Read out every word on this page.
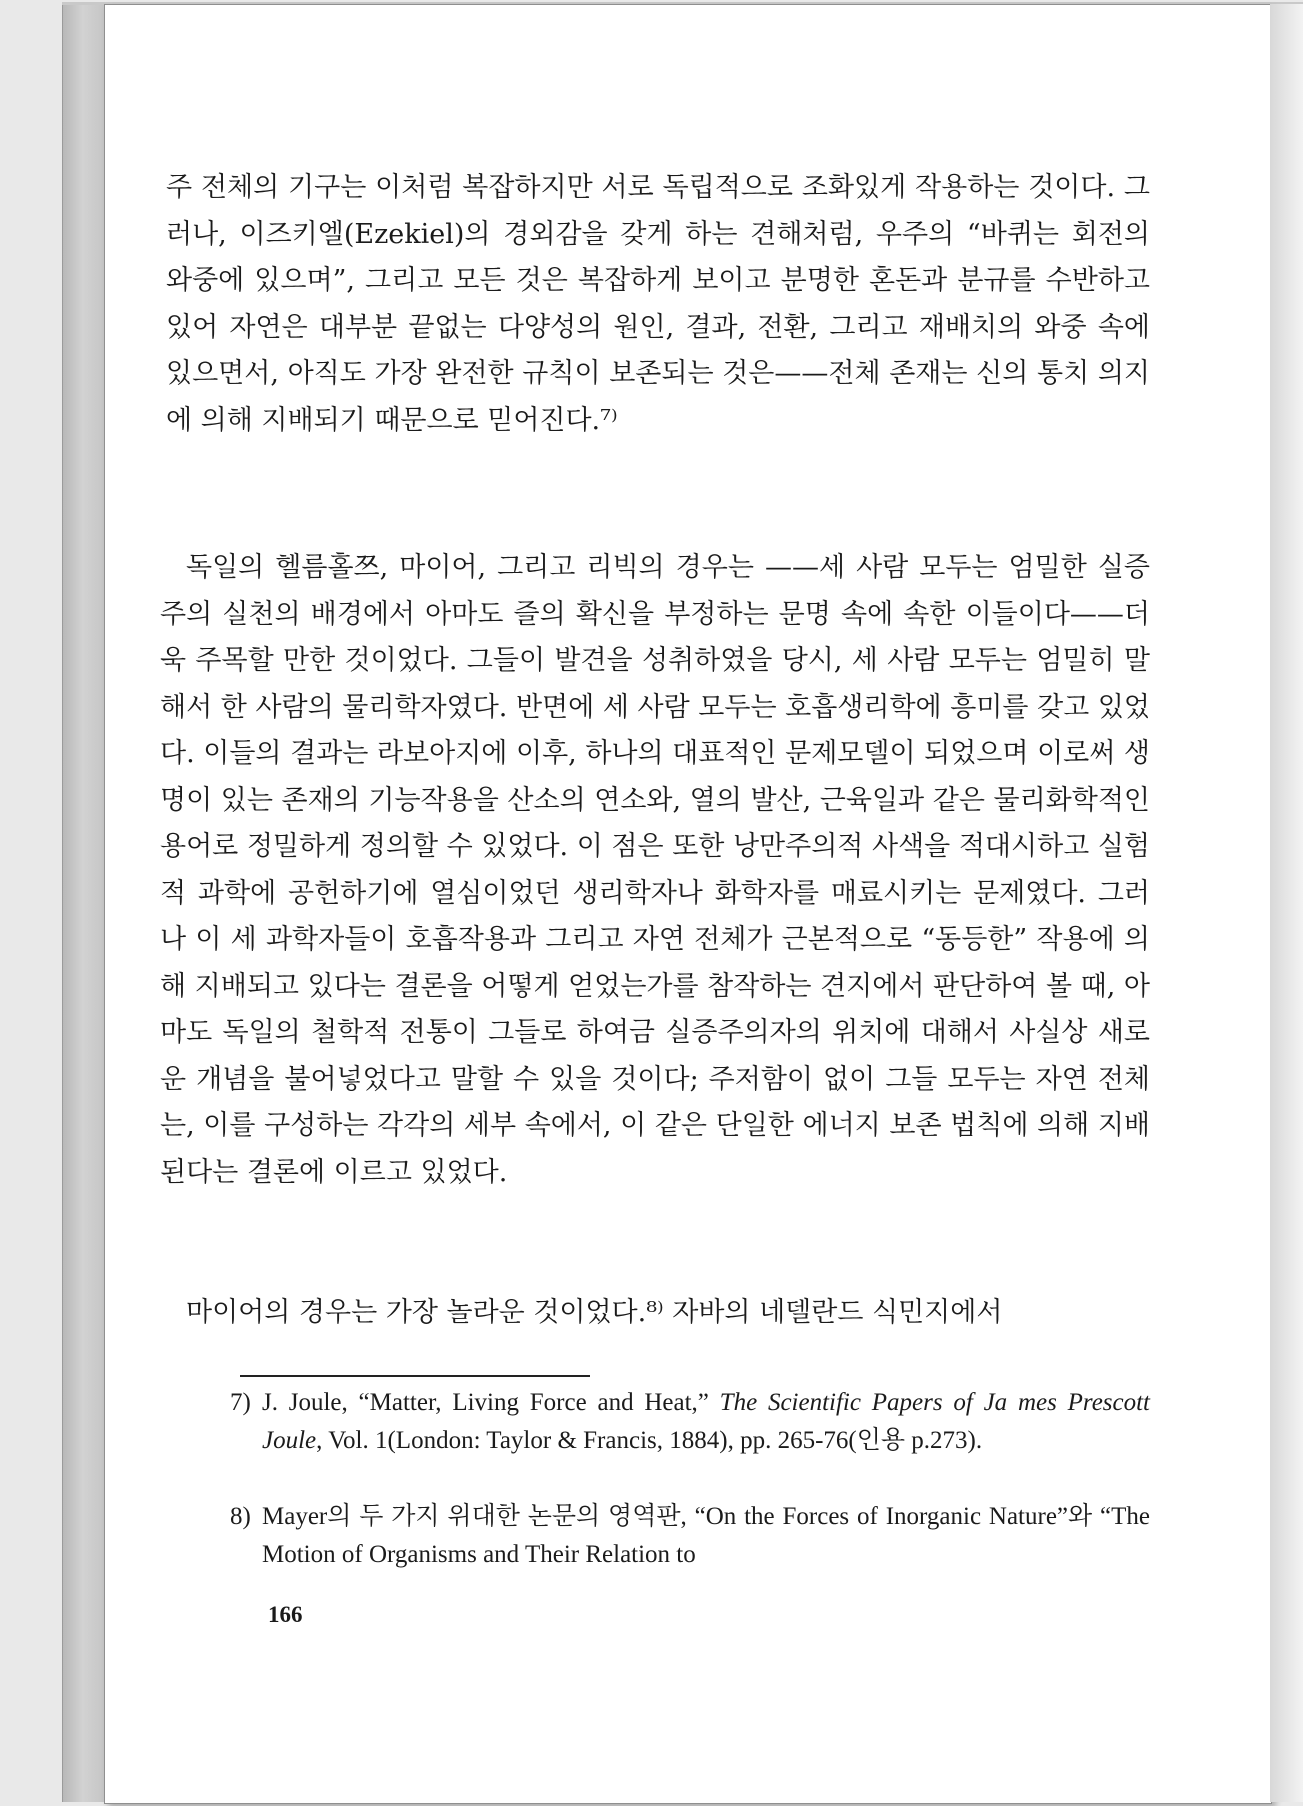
주 전체의 기구는 이처럼 복잡하지만 서로 독립적으로 조화있게 작용하는 것이다. 그러나, 이즈키엘(Ezekiel)의 경외감을 갖게 하는 견해처럼, 우주의 “바퀴는 회전의 와중에 있으며”, 그리고 모든 것은 복잡하게 보이고 분명한 혼돈과 분규를 수반하고 있어 자연은 대부분 끝없는 다양성의 원인, 결과, 전환, 그리고 재배치의 와중 속에 있으면서, 아직도 가장 완전한 규칙이 보존되는 것은——전체 존재는 신의 통치 의지에 의해 지배되기 때문으로 믿어진다.⁷⁾

독일의 헬름홀쯔, 마이어, 그리고 리빅의 경우는 ——세 사람 모두는 엄밀한 실증주의 실천의 배경에서 아마도 즐의 확신을 부정하는 문명 속에 속한 이들이다——더욱 주목할 만한 것이었다. 그들이 발견을 성취하였을 당시, 세 사람 모두는 엄밀히 말해서 한 사람의 물리학자였다. 반면에 세 사람 모두는 호흡생리학에 흥미를 갖고 있었다. 이들의 결과는 라보아지에 이후, 하나의 대표적인 문제모델이 되었으며 이로써 생명이 있는 존재의 기능작용을 산소의 연소와, 열의 발산, 근육일과 같은 물리화학적인 용어로 정밀하게 정의할 수 있었다. 이 점은 또한 낭만주의적 사색을 적대시하고 실험적 과학에 공헌하기에 열심이었던 생리학자나 화학자를 매료시키는 문제였다. 그러나 이 세 과학자들이 호흡작용과 그리고 자연 전체가 근본적으로 “동등한” 작용에 의해 지배되고 있다는 결론을 어떻게 얻었는가를 참작하는 견지에서 판단하여 볼 때, 아마도 독일의 철학적 전통이 그들로 하여금 실증주의자의 위치에 대해서 사실상 새로운 개념을 불어넣었다고 말할 수 있을 것이다; 주저함이 없이 그들 모두는 자연 전체는, 이를 구성하는 각각의 세부 속에서, 이 같은 단일한 에너지 보존 법칙에 의해 지배된다는 결론에 이르고 있었다.

마이어의 경우는 가장 놀라운 것이었다.⁸⁾ 자바의 네델란드 식민지에서

7) J. Joule, “Matter, Living Force and Heat,” The Scientific Papers of Ja mes Prescott Joule, Vol. 1(London: Taylor & Francis, 1884), pp. 265-76(인용 p.273).
8) Mayer의 두 가지 위대한 논문의 영역판, “On the Forces of Inorganic Nature”와 “The Motion of Organisms and Their Relation to
166
